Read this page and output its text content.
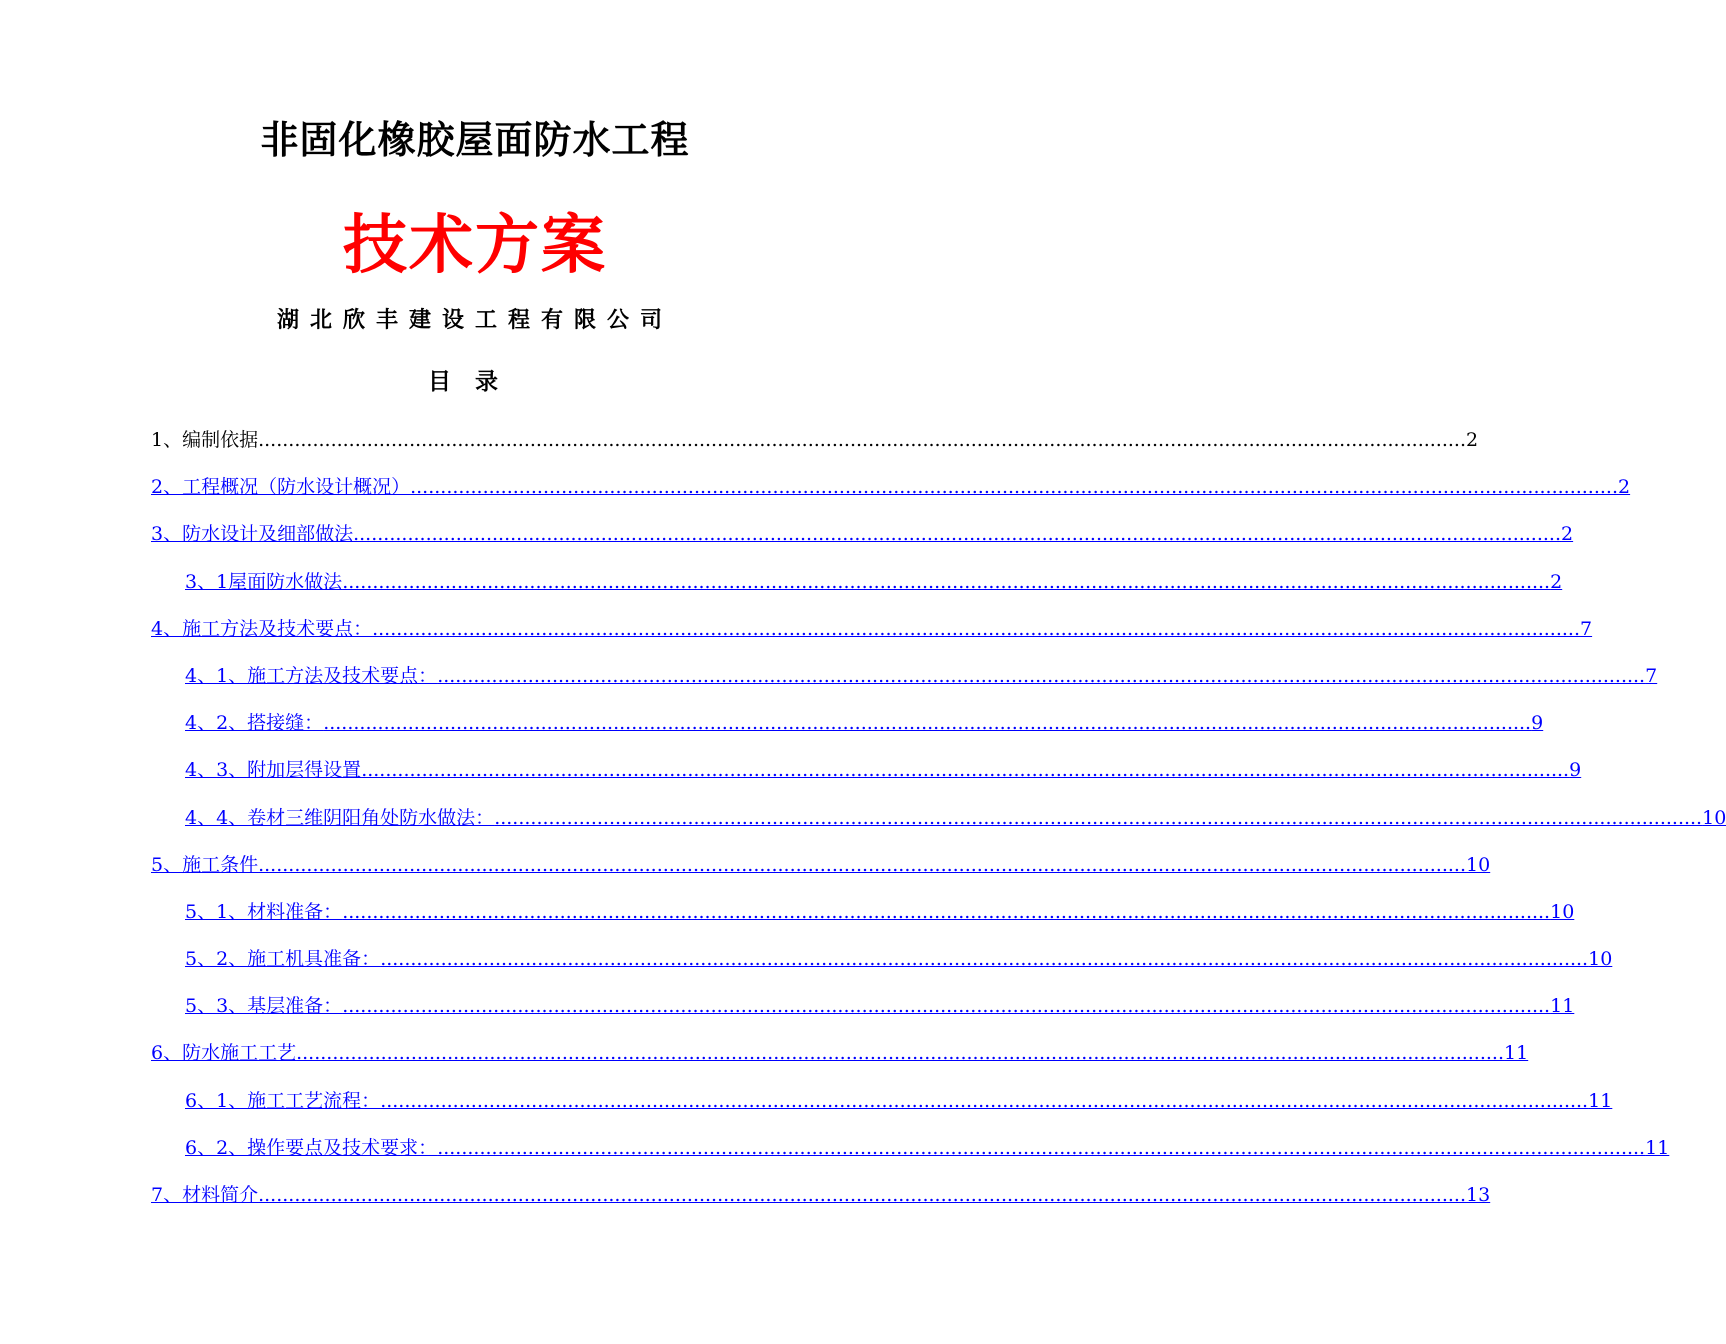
非固化橡胶屋面防水工程
技术方案
湖北欣丰建设工程有限公司
目录
1、编制依据 ........................................................................................................................................................................................................ 2
2、工程概况（防水设计概况） ........................................................................................................................................................................................................ 2
3、防水设计及细部做法 ........................................................................................................................................................................................................ 2
3、1屋面防水做法 ........................................................................................................................................................................................................ 2
4、施工方法及技术要点： ........................................................................................................................................................................................................ 7
4、1、施工方法及技术要点： ........................................................................................................................................................................................................ 7
4、2、搭接缝： ........................................................................................................................................................................................................ 9
4、3、附加层得设置 ........................................................................................................................................................................................................ 9
4、4、卷材三维阴阳角处防水做法： ........................................................................................................................................................................................................ 10
5、施工条件 ........................................................................................................................................................................................................ 10
5、1、材料准备： ........................................................................................................................................................................................................ 10
5、2、施工机具准备： ........................................................................................................................................................................................................ 10
5、3、基层准备： ........................................................................................................................................................................................................ 11
6、防水施工工艺 ........................................................................................................................................................................................................ 11
6、1、施工工艺流程： ........................................................................................................................................................................................................ 11
6、2、操作要点及技术要求： ........................................................................................................................................................................................................ 11
7、材料简介 ........................................................................................................................................................................................................ 13
